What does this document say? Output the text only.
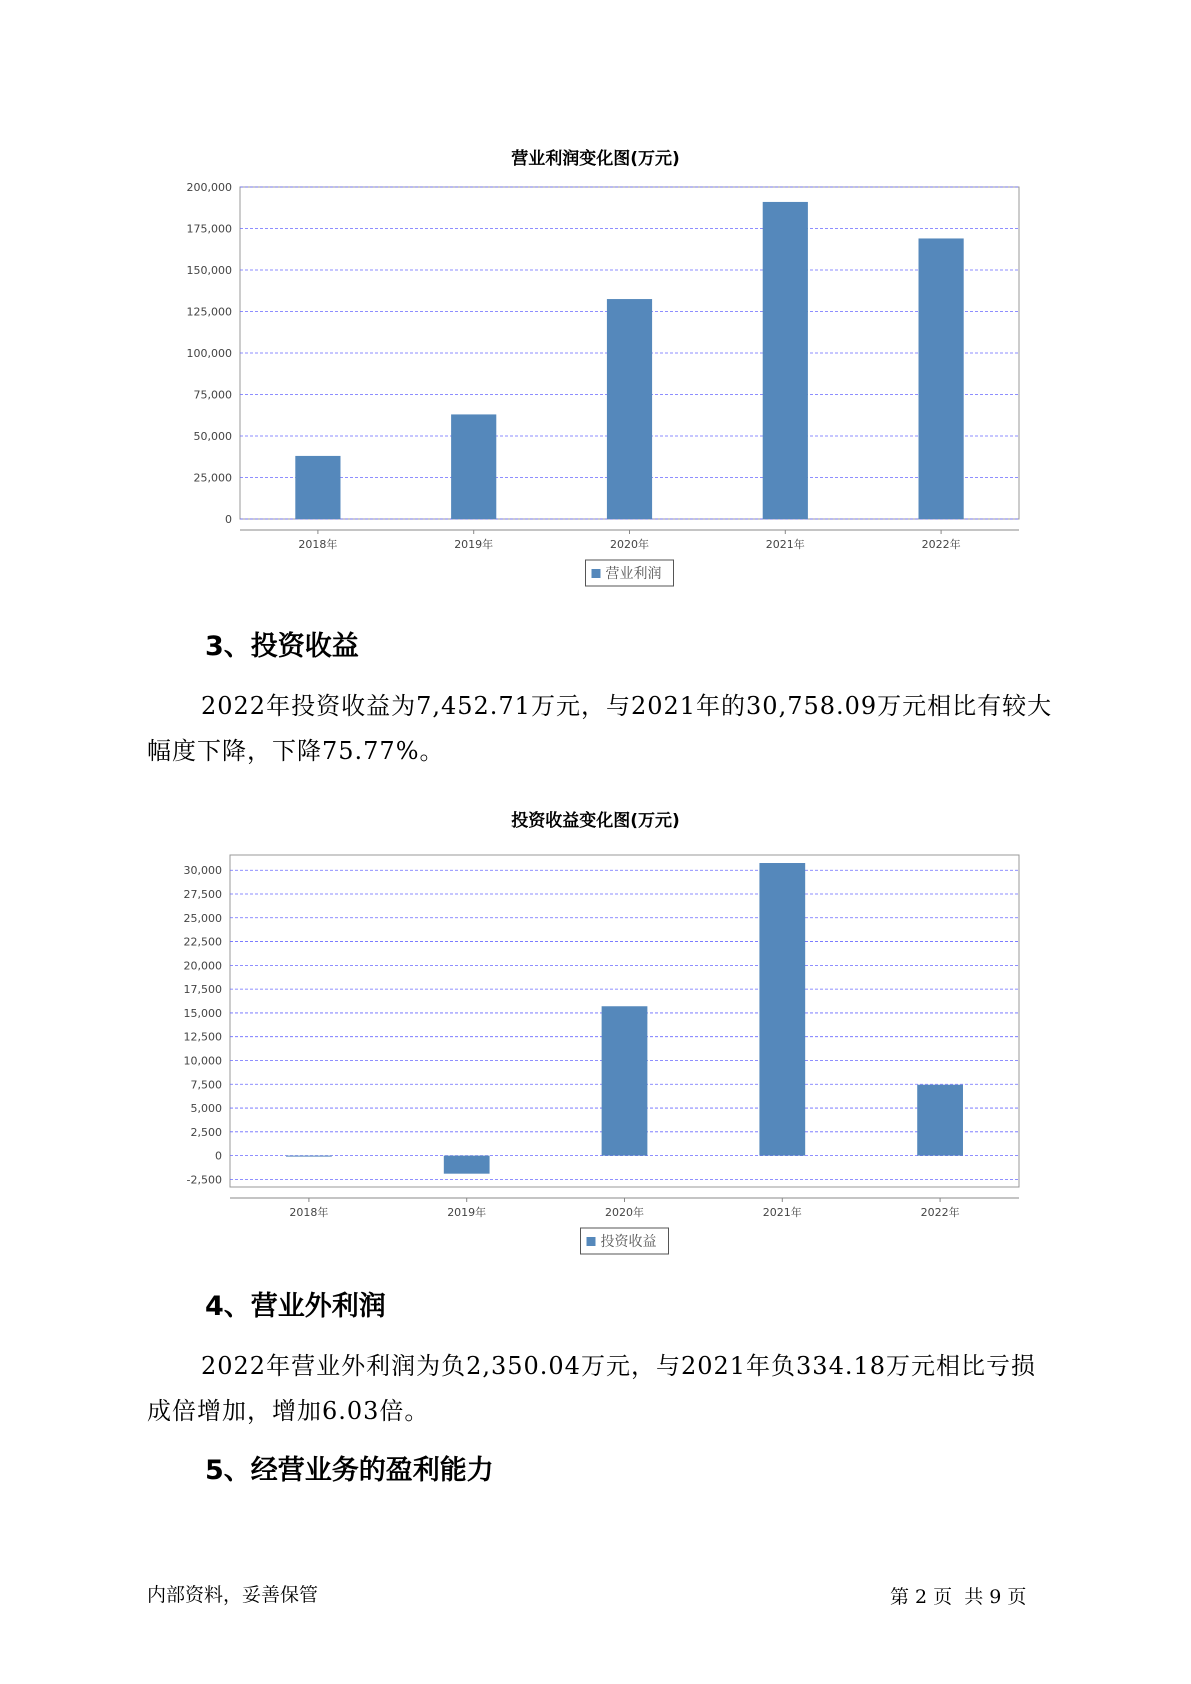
营业利润变化图(万元)
0
25,000
50,000
75,000
100,000
125,000
150,000
175,000
200,000
2018年	2019年	2020年	2021年	2022年
营业利润
3、投资收益

2022年投资收益为7,452.71万元，与2021年的30,758.09万元相比有较大幅度下降，下降75.77%。

投资收益变化图(万元)
-2,500
0
2,500
5,000
7,500
10,000
12,500
15,000
17,500
20,000
22,500
25,000
27,500
30,000
2018年	2019年	2020年	2021年	2022年
投资收益
4、营业外利润

2022年营业外利润为负2,350.04万元，与2021年负334.18万元相比亏损成倍增加，增加6.03倍。

5、经营业务的盈利能力
内部资料，妥善保管	第 2 页  共 9 页
